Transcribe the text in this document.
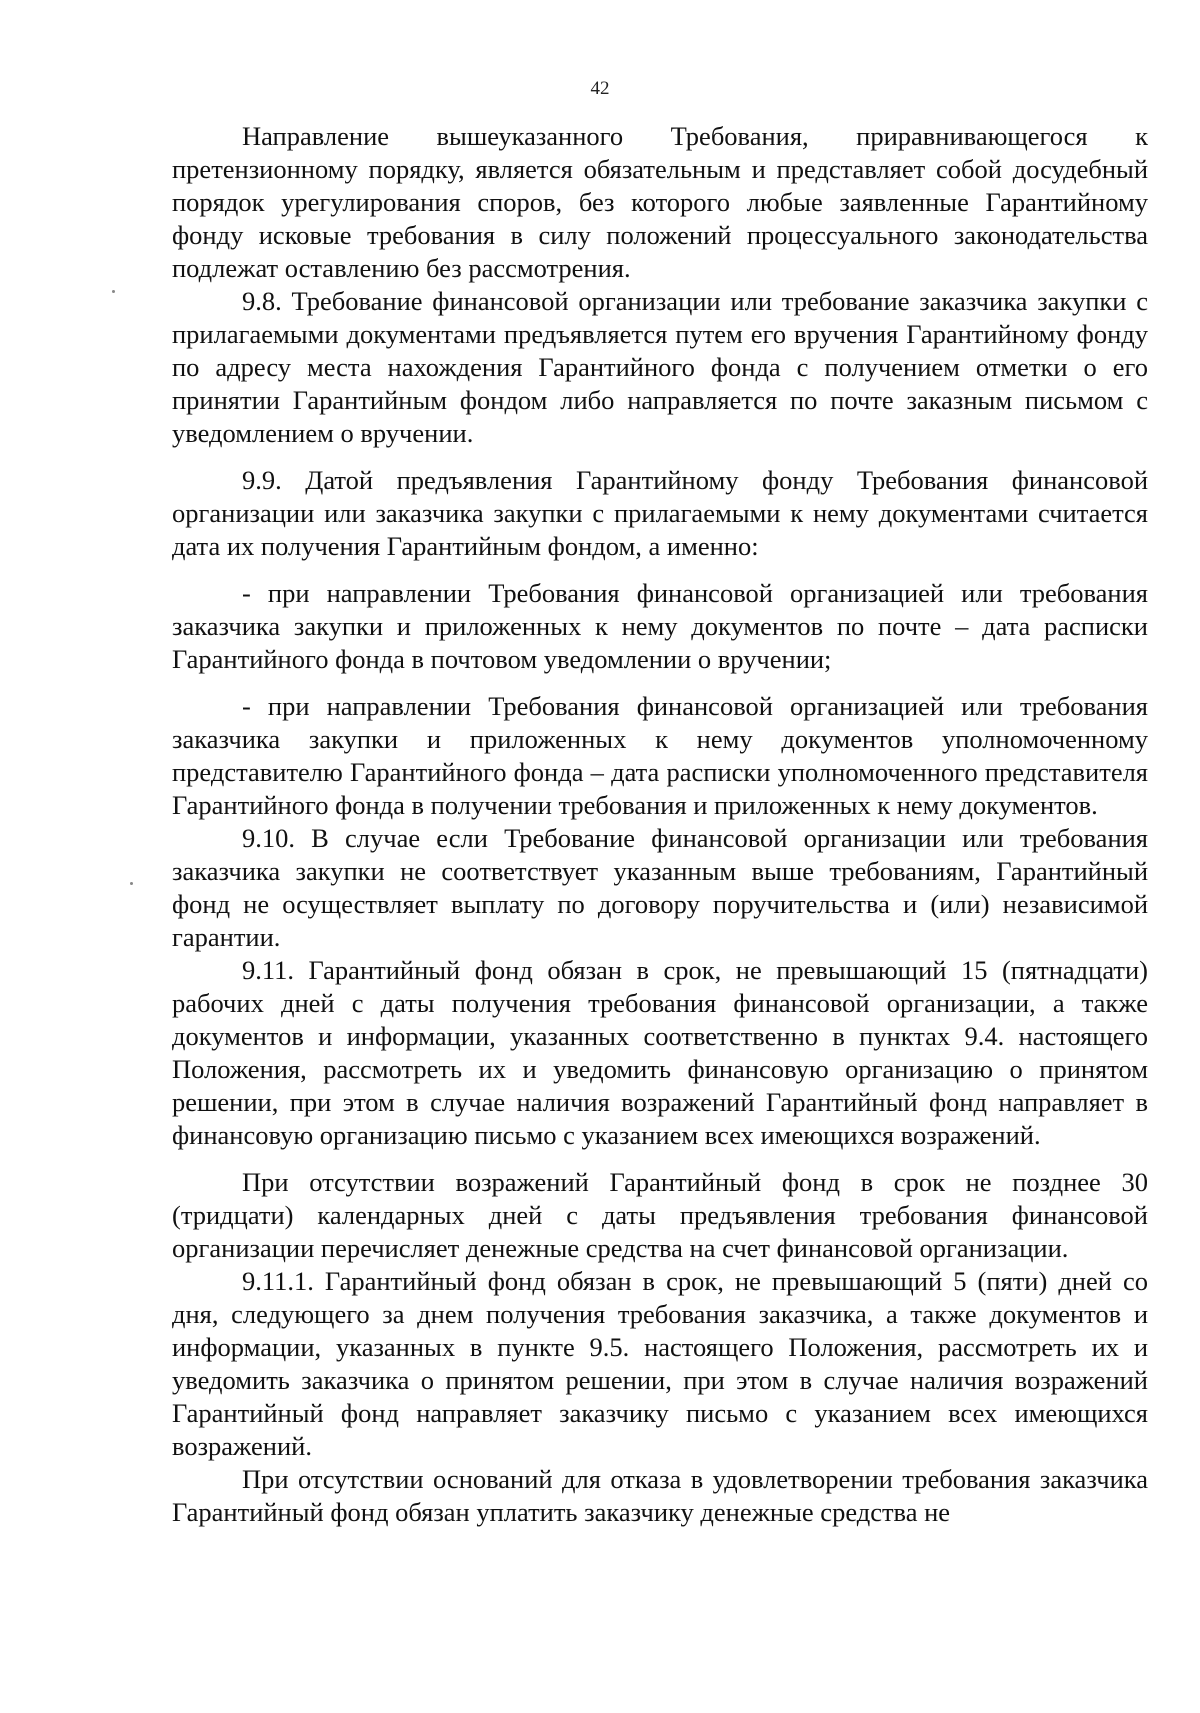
42

Направление вышеуказанного Требования, приравнивающегося к претензионному порядку, является обязательным и представляет собой досудебный порядок урегулирования споров, без которого любые заявленные Гарантийному фонду исковые требования в силу положений процессуального законодательства подлежат оставлению без рассмотрения.

9.8. Требование финансовой организации или требование заказчика закупки с прилагаемыми документами предъявляется путем его вручения Гарантийному фонду по адресу места нахождения Гарантийного фонда с получением отметки о его принятии Гарантийным фондом либо направляется по почте заказным письмом с уведомлением о вручении.

9.9. Датой предъявления Гарантийному фонду Требования финансовой организации или заказчика закупки с прилагаемыми к нему документами считается дата их получения Гарантийным фондом, а именно:

- при направлении Требования финансовой организацией или требования заказчика закупки и приложенных к нему документов по почте – дата расписки Гарантийного фонда в почтовом уведомлении о вручении;

- при направлении Требования финансовой организацией или требования заказчика закупки и приложенных к нему документов уполномоченному представителю Гарантийного фонда – дата расписки уполномоченного представителя Гарантийного фонда в получении требования и приложенных к нему документов.

9.10. В случае если Требование финансовой организации или требования заказчика закупки не соответствует указанным выше требованиям, Гарантийный фонд не осуществляет выплату по договору поручительства и (или) независимой гарантии.

9.11. Гарантийный фонд обязан в срок, не превышающий 15 (пятнадцати) рабочих дней с даты получения требования финансовой организации, а также документов и информации, указанных соответственно в пунктах 9.4. настоящего Положения, рассмотреть их и уведомить финансовую организацию о принятом решении, при этом в случае наличия возражений Гарантийный фонд направляет в финансовую организацию письмо с указанием всех имеющихся возражений.

При отсутствии возражений Гарантийный фонд в срок не позднее 30 (тридцати) календарных дней с даты предъявления требования финансовой организации перечисляет денежные средства на счет финансовой организации.

9.11.1. Гарантийный фонд обязан в срок, не превышающий 5 (пяти) дней со дня, следующего за днем получения требования заказчика, а также документов и информации, указанных в пункте 9.5. настоящего Положения, рассмотреть их и уведомить заказчика о принятом решении, при этом в случае наличия возражений Гарантийный фонд направляет заказчику письмо с указанием всех имеющихся возражений.

При отсутствии оснований для отказа в удовлетворении требования заказчика Гарантийный фонд обязан уплатить заказчику денежные средства не
